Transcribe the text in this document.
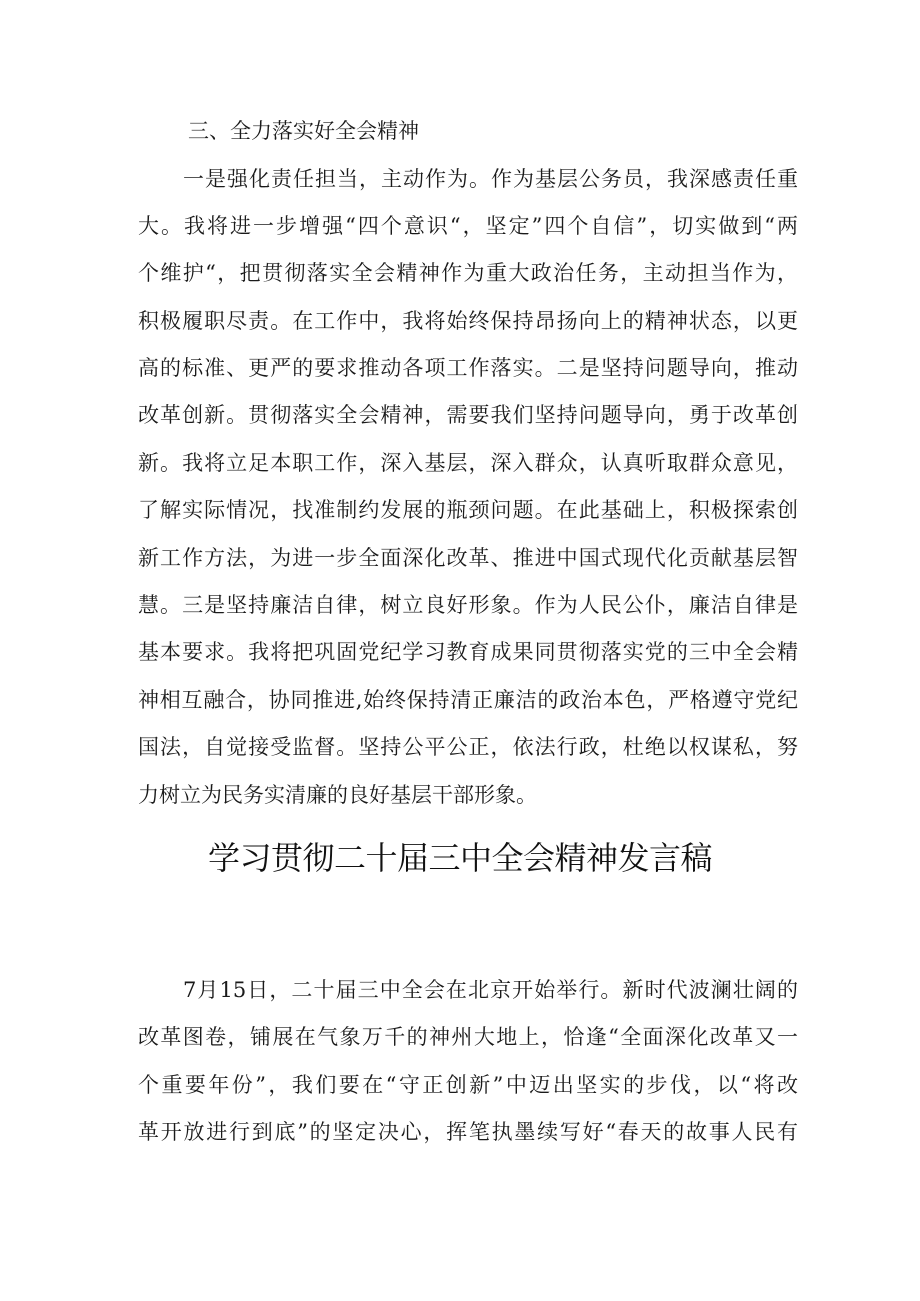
三、全力落实好全会精神
一是强化责任担当，主动作为。作为基层公务员，我深感责任重
大。我将进一步增强“四个意识“，坚定”四个自信”，切实做到“两
个维护“，把贯彻落实全会精神作为重大政治任务，主动担当作为，
积极履职尽责。在工作中，我将始终保持昂扬向上的精神状态，以更
高的标准、更严的要求推动各项工作落实。二是坚持问题导向，推动
改革创新。贯彻落实全会精神，需要我们坚持问题导向，勇于改革创
新。我将立足本职工作，深入基层，深入群众，认真听取群众意见，
了解实际情况，找准制约发展的瓶颈问题。在此基础上，积极探索创
新工作方法，为进一步全面深化改革、推进中国式现代化贡献基层智
慧。三是坚持廉洁自律，树立良好形象。作为人民公仆，廉洁自律是
基本要求。我将把巩固党纪学习教育成果同贯彻落实党的三中全会精
神相互融合，协同推进,始终保持清正廉洁的政治本色，严格遵守党纪
国法，自觉接受监督。坚持公平公正，依法行政，杜绝以权谋私，努
力树立为民务实清廉的良好基层干部形象。
学习贯彻二十届三中全会精神发言稿
7月15日，二十届三中全会在北京开始举行。新时代波澜壮阔的
改革图卷，铺展在气象万千的神州大地上，恰逢“全面深化改革又一
个重要年份”，我们要在“守正创新”中迈出坚实的步伐，以“将改
革开放进行到底”的坚定决心，挥笔执墨续写好“春天的故事人民有
